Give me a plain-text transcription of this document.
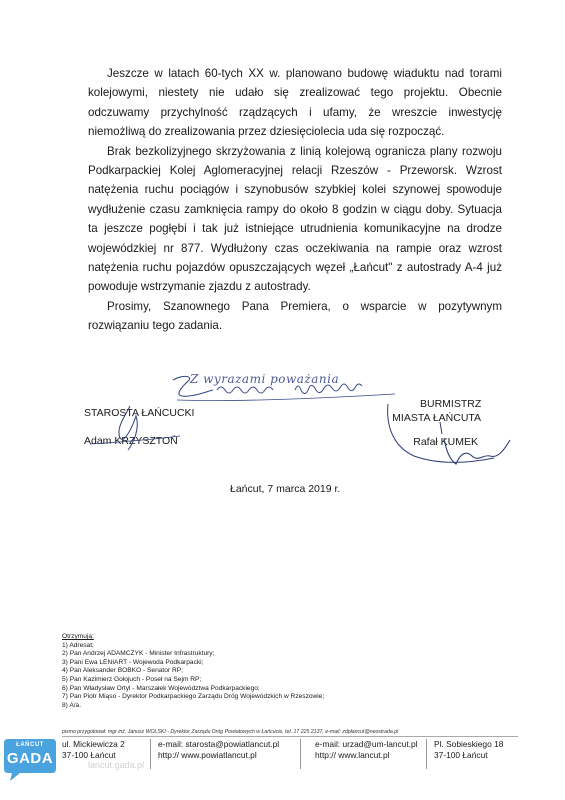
Jeszcze w latach 60-tych XX w. planowano budowę wiaduktu nad torami kolejowymi, niestety nie udało się zrealizować tego projektu. Obecnie odczuwamy przychylność rządzących i ufamy, że wreszcie inwestycję niemożliwą do zrealizowania przez dziesięciolecia uda się rozpocząć.

Brak bezkolizyjnego skrzyżowania z linią kolejową ogranicza plany rozwoju Podkarpackiej Kolej Aglomeracyjnej relacji Rzeszów - Przeworsk. Wzrost natężenia ruchu pociągów i szynobusów szybkiej kolei szynowej spowoduje wydłużenie czasu zamknięcia rampy do około 8 godzin w ciągu doby. Sytuacja ta jeszcze pogłębi i tak już istniejące utrudnienia komunikacyjne na drodze wojewódzkiej nr 877. Wydłużony czas oczekiwania na rampie oraz wzrost natężenia ruchu pojazdów opuszczających węzeł „Łańcut" z autostrady A-4 już powoduje wstrzymanie zjazdu z autostrady.

Prosimy, Szanownego Pana Premiera, o wsparcie w pozytywnym rozwiązaniu tego zadania.

Z wyrazami poważania
STAROSTA ŁAŃCUCKI
Adam KRZYSZTOŃ
BURMISTRZ
MIASTA ŁAŃCUTA
Rafał KUMEK
Łańcut, 7 marca 2019 r.
Otrzymują:
1) Adresat;
2) Pan Andrzej ADAMCZYK - Minister Infrastruktury;
3) Pani Ewa LENIART - Wojewoda Podkarpacki;
4) Pan Aleksander BOBKO - Senator RP;
5) Pan Kazimierz Gołojuch - Poseł na Sejm RP;
6) Pan Władysław Ortyl - Marszałek Województwa Podkarpackiego;
7) Pan Piotr Miąso - Dyrektor Podkarpackiego Zarządu Dróg Wojewódzkich w Rzeszowie;
8) A/a.
pismo przygotował: mgr inż. Janusz WOLSKI - Dyrektor Zarządu Dróg Powiatowych w Łańcucie, tel. 17 225 2137, e-mail: zdpłancut@neostrada.pl
ul. Mickiewicza 2
37-100 Łańcut
e-mail: starosta@powiatlancut.pl
http:// www.powiatlancut.pl
e-mail: urzad@um-lancut.pl
http:// www.lancut.pl
Pl. Sobieskiego 18
37-100 Łańcut
lancut.gada.pl
ŁAŃCUT
GADA
